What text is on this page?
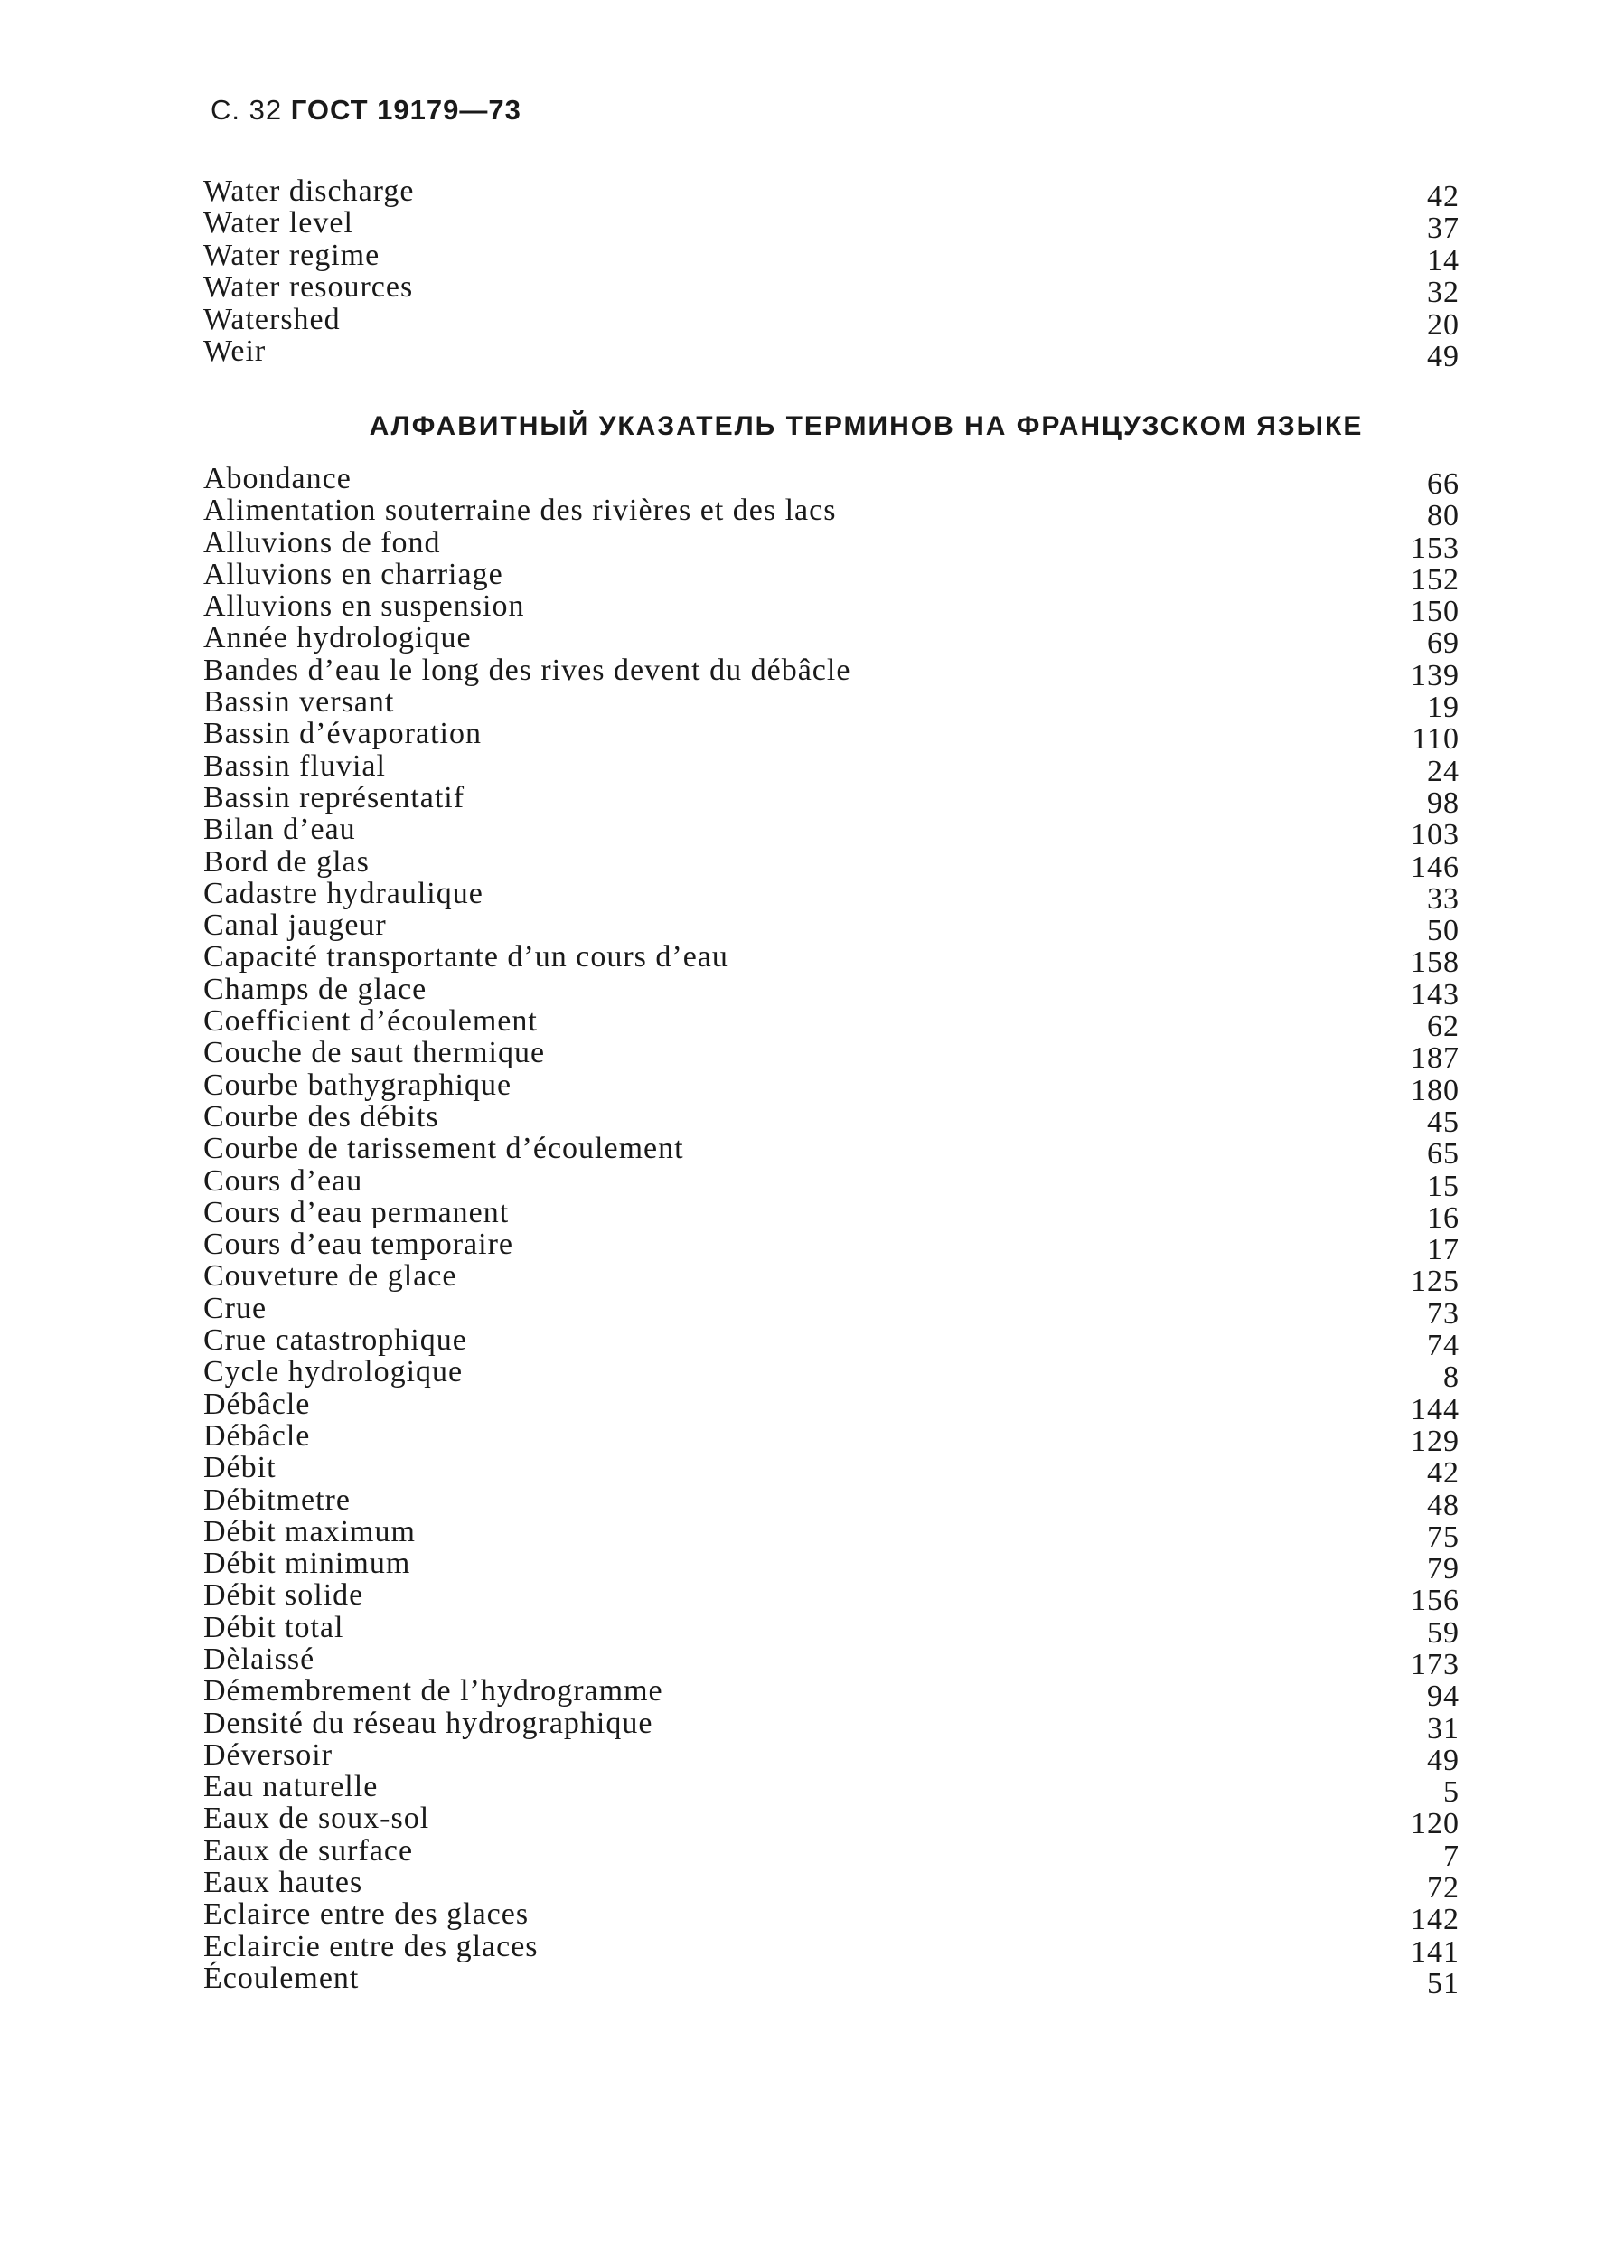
С. 32 ГОСТ 19179—73
Water discharge	42
Water level	37
Water regime	14
Water resources	32
Watershed	20
Weir	49
АЛФАВИТНЫЙ УКАЗАТЕЛЬ ТЕРМИНОВ НА ФРАНЦУЗСКОМ ЯЗЫКЕ
Abondance	66
Alimentation souterraine des rivières et des lacs	80
Alluvions de fond	153
Alluvions en charriage	152
Alluvions en suspension	150
Année hydrologique	69
Bandes d’eau le long des rives devent du débâcle	139
Bassin versant	19
Bassin d’évaporation	110
Bassin fluvial	24
Bassin représentatif	98
Bilan d’eau	103
Bord de glas	146
Cadastre hydraulique	33
Canal jaugeur	50
Capacité transportante d’un cours d’eau	158
Champs de glace	143
Coefficient d’écoulement	62
Couche de saut thermique	187
Courbe bathygraphique	180
Courbe des débits	45
Courbe de tarissement d’écoulement	65
Cours d’eau	15
Cours d’eau permanent	16
Cours d’eau temporaire	17
Couveture de glace	125
Crue	73
Crue catastrophique	74
Cycle hydrologique	8
Débâcle	144
Débâcle	129
Débit	42
Débitmetre	48
Débit maximum	75
Débit minimum	79
Débit solide	156
Débit total	59
Dèlaissé	173
Démembrement de l’hydrogramme	94
Densité du réseau hydrographique	31
Déversoir	49
Eau naturelle	5
Eaux de soux-sol	120
Eaux de surface	7
Eaux hautes	72
Eclairce entre des glaces	142
Eclaircie entre des glaces	141
Écoulement	51
